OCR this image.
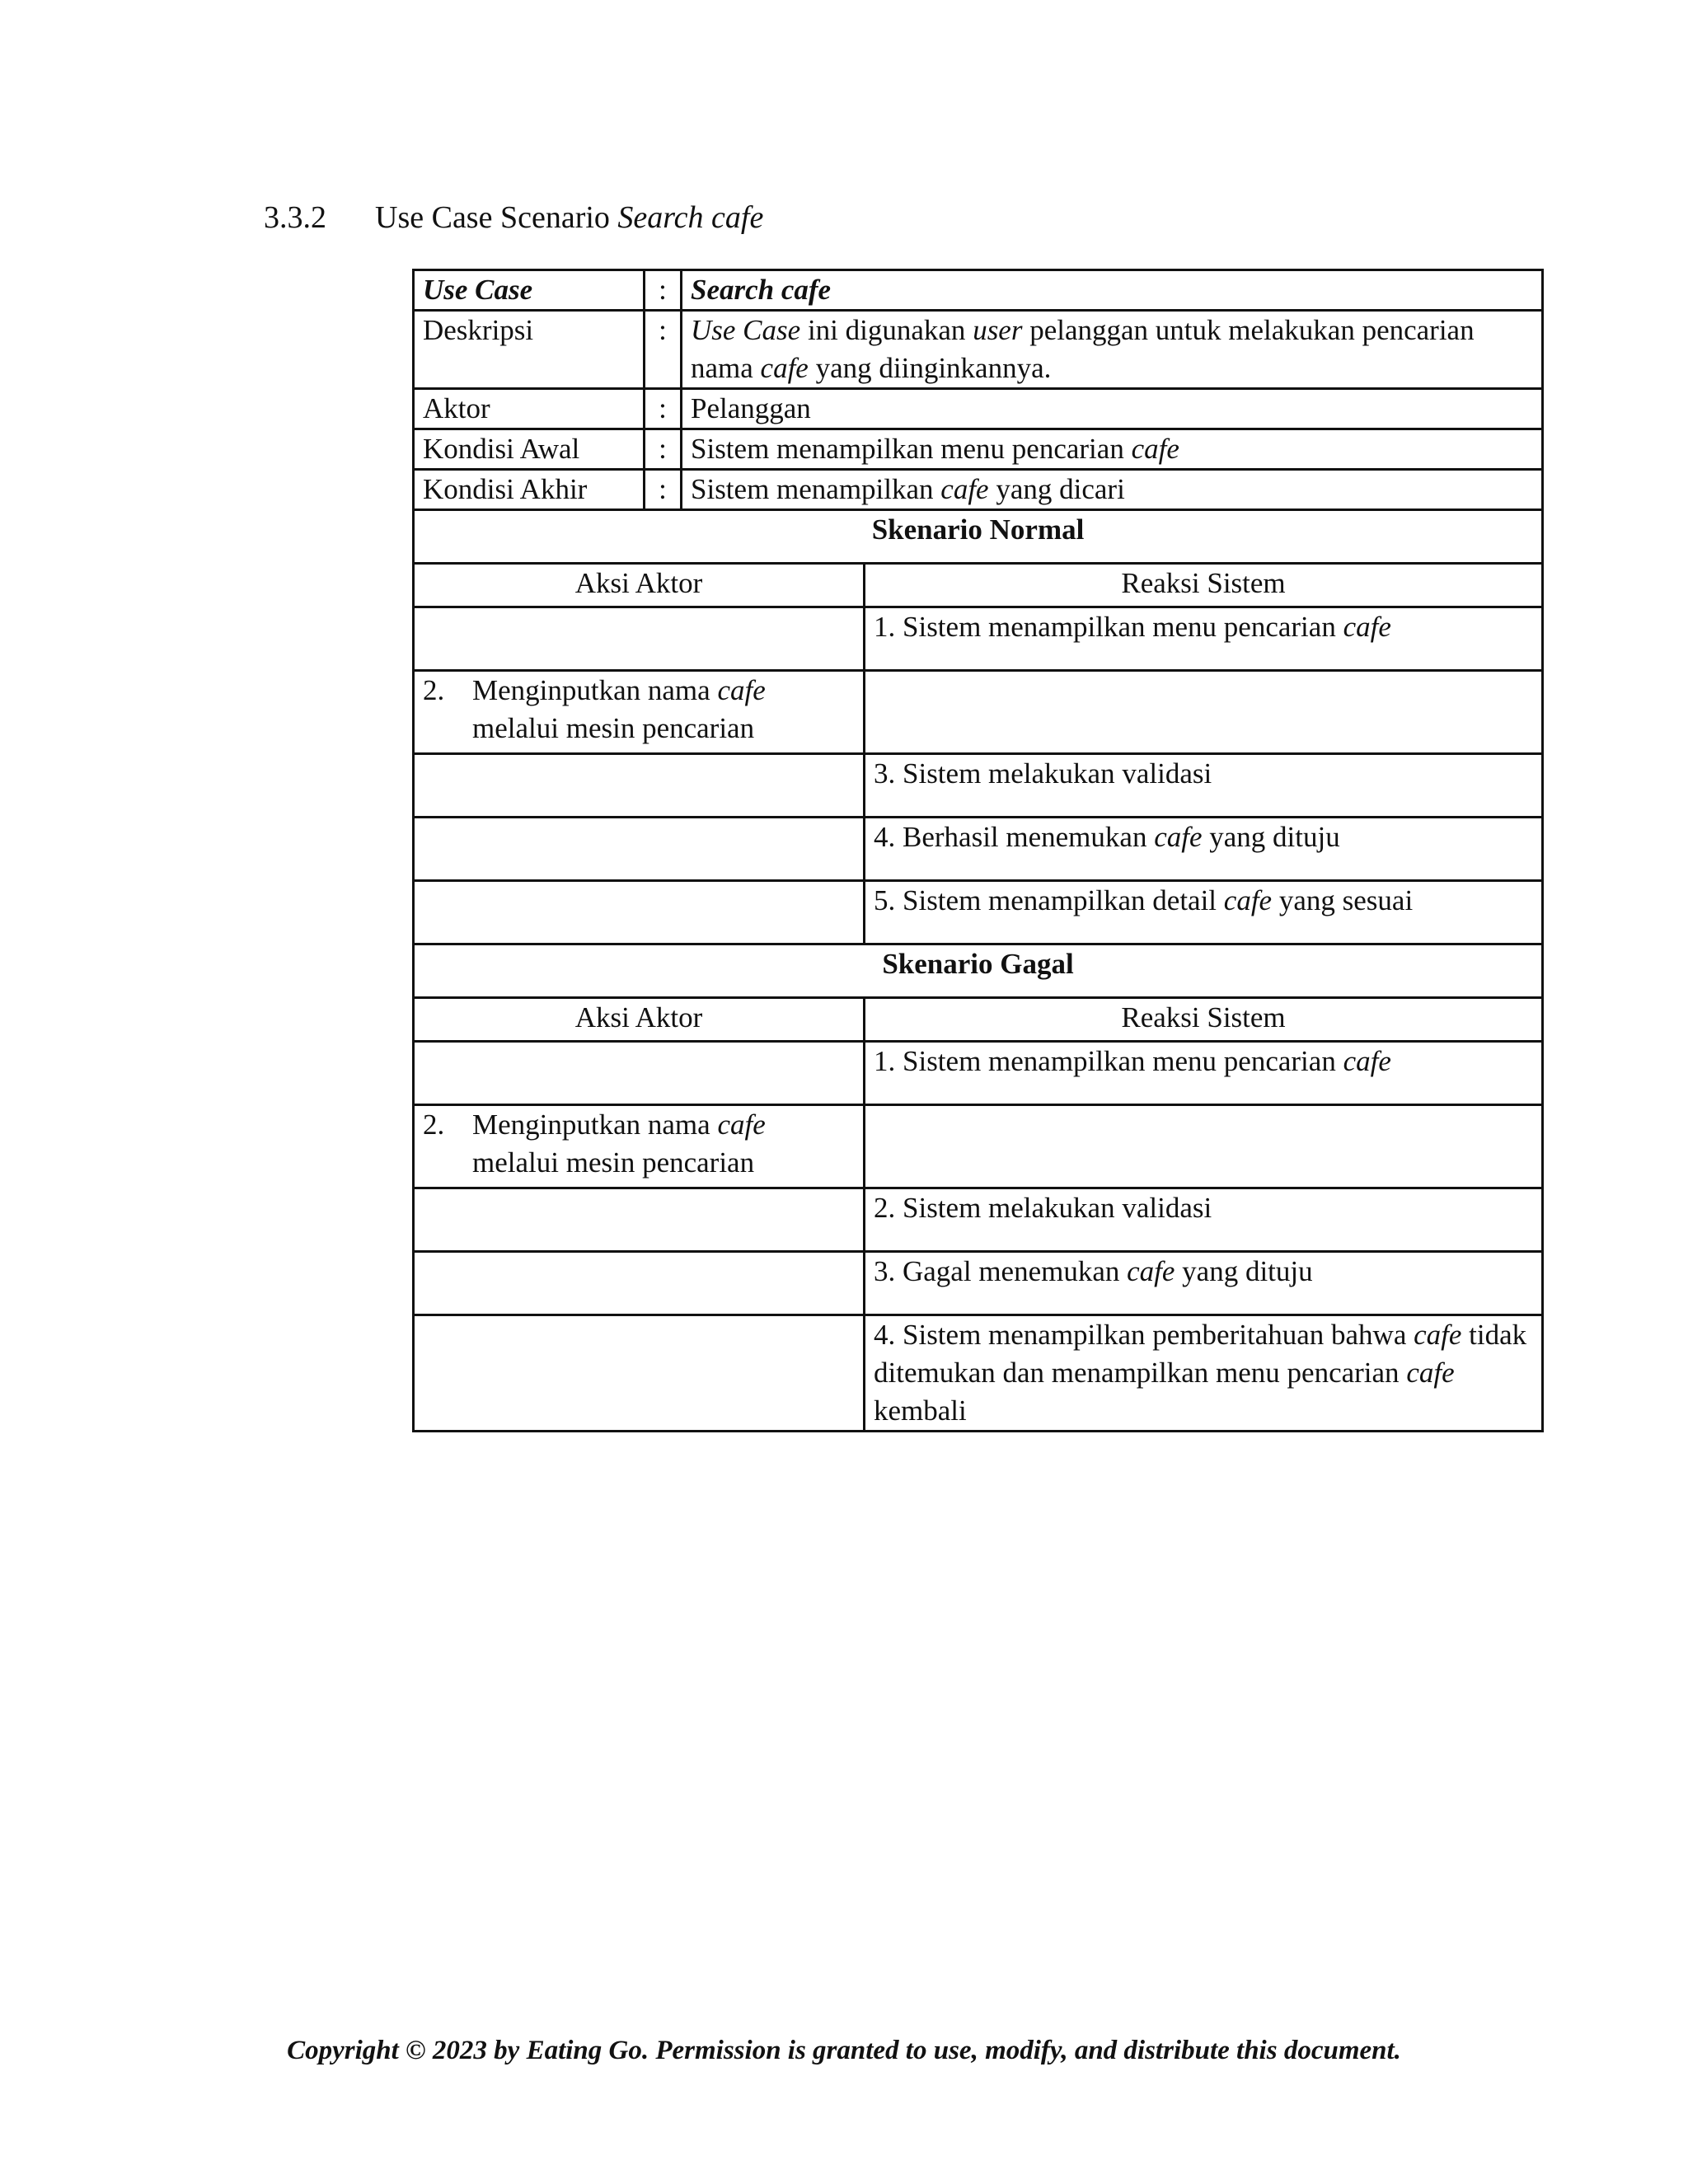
3.3.2 Use Case Scenario Search cafe
Use Case	:	Search cafe	
Deskripsi	:	Use Case ini digunakan user pelanggan untuk melakukan pencarian nama cafe yang diinginkannya.	
Aktor	:	Pelanggan	
Kondisi Awal	:	Sistem menampilkan menu pencarian cafe	
Kondisi Akhir	:	Sistem menampilkan cafe yang dicari	
Skenario Normal			
Aksi Aktor			Reaksi Sistem
			1. Sistem menampilkan menu pencarian cafe

2. Menginputkan nama cafe melalui mesin pencarian			

			3. Sistem melakukan validasi
			4. Berhasil menemukan cafe yang dituju
			5. Sistem menampilkan detail cafe yang sesuai
Skenario Gagal			
Aksi Aktor			Reaksi Sistem
			1. Sistem menampilkan menu pencarian cafe

2. Menginputkan nama cafe melalui mesin pencarian			

			2. Sistem melakukan validasi
			3. Gagal menemukan cafe yang dituju
			4. Sistem menampilkan pemberitahuan bahwa cafe tidak ditemukan dan menampilkan menu pencarian cafe kembali
Copyright © 2023 by Eating Go. Permission is granted to use, modify, and distribute this document.
